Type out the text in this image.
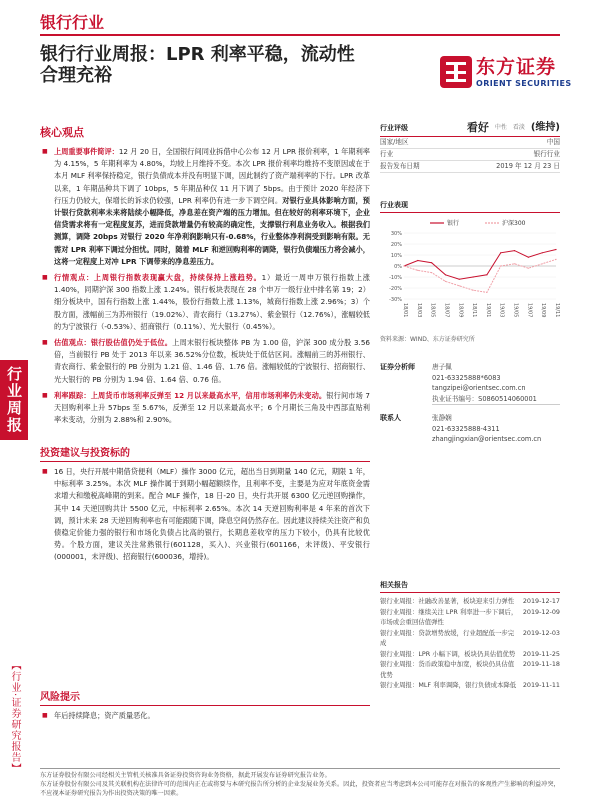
银行行业
银行行业周报：LPR 利率平稳，流动性合理充裕	东方证券
ORIENT SECURITIES
行业周报
【行业·证券研究报告】
核心观点
■ 上周重要事件简评：12 月 20 日，全国银行间同业拆借中心公布 12 月 LPR 报价利率，1 年期利率为 4.15%，5 年期利率为 4.80%，均较上月维持不变。本次 LPR 报价利率均维持不变原因或在于本月 MLF 利率保持稳定，银行负债成本并没有明显下调，因此制约了资产端利率的下行。LPR 改革以来，1 年期品种共下调了 10bps，5 年期品种仅 11 月下调了 5bps。由于预计 2020 年经济下行压力仍较大，保增长的诉求仍较强，LPR 利率仍有进一步下调空间。对银行业具体影响方面，预计银行贷款利率未来将陆续小幅降低，净息差在资产端的压力增加。但在较好的利率环境下，企业信贷需求将有一定程度复苏，进而贷款增量仍有较高的确定性，支撑银行利息业务收入。根据我们测算，调降 20bps 对银行 2020 年净利润影响只有-0.68%，行业整体净利润受到影响有限。无需对 LPR 利率下调过分担忧。同时，随着 MLF 和逆回购利率的调降，银行负债端压力将会减小，这将一定程度上对冲 LPR 下调带来的净息差压力。
■ 行情观点：上周银行指数表现赢大盘，持续保持上涨趋势。1）最近一周申万银行指数上涨 1.40%，同期沪深 300 指数上涨 1.24%。银行板块表现在 28 个申万一级行业中排名第 19；2）细分板块中，国有行指数上涨 1.44%，股份行指数上涨 1.13%，城商行指数上涨 2.96%；3）个股方面，涨幅前三为苏州银行（19.02%）、青农商行（13.27%）、紫金银行（12.76%），涨幅较低的为宁波银行（-0.53%）、招商银行（0.11%）、光大银行（0.45%）。
■ 估值观点：银行股估值仍处于低位。上周末银行板块整体 PB 为 1.00 倍，沪深 300 成分股 3.56 倍，当前银行 PB 处于 2013 年以来 36.52%分位数，板块处于低估区间。涨幅前三的苏州银行、青农商行、紫金银行的 PB 分别为 1.21 倍、1.46 倍、1.76 倍。涨幅较低的宁波银行、招商银行、光大银行的 PB 分别为 1.94 倍、1.64 倍、0.76 倍。
■ 利率跟踪：上周货币市场利率反弹至 12 月以来最高水平，信用市场利率仍未变动。银行间市场 7 天回购利率上升 57bps 至 5.67%，反弹至 12 月以来最高水平；6 个月期长三角及中西部直贴利率未变动，分别为 2.88%和 2.90%。
投资建议与投资标的
■ 16 日，央行开展中期借贷便利（MLF）操作 3000 亿元，超出当日到期量 140 亿元，期限 1 年，中标利率 3.25%。本次 MLF 操作属于到期小幅超额续作，且利率不变，主要是为应对年底资金需求增大和缴税高峰期的到来。配合 MLF 操作，18 日-20 日，央行共开展 6300 亿元逆回购操作，其中 14 天逆回购共计 5500 亿元，中标利率 2.65%。本次 14 天逆回购利率是 4 年来的首次下调，预计未来 28 天逆回购利率也有可能跟随下调，降息空间仍然存在。因此建议持续关注资产和负债稳定价能力强的银行和市场化负债占比高的银行，长期息差收窄的压力下较小，仍具有比较优势。个股方面，建议关注常熟银行(601128，买入)、兴业银行(601166，未评级)、平安银行(000001，未评级)、招商银行(600036，增持)。
风险提示
■ 年后持续降息；资产质量恶化。
行业评级	看好 中性 看淡 (维持)
国家/地区	中国
行业	银行行业
报告发布日期	2019 年 12 月 23 日
行业表现
30%
20%
10%
0%
-10%
-20%
-30%
18/01 18/03 18/05 18/07 18/09 18/11 19/01 19/03 19/05 19/07 19/09 19/11
银行	沪深300
资料来源：WIND、东方证券研究所
证券分析师	唐子佩
021-63325888*6083
tangzipei@orientsec.com.cn
执业证书编号：S0860514060001
联系人	张静娴
021-63325888-4311
zhangjingxian@orientsec.com.cn
相关报告
银行业周报：社融改善显著，板块迎来引力弹性	2019-12-17
银行业周报：继续关注 LPR 利率进一步下调后，市场或会重回估值弹性
2019-12-09
银行业周报：贷款增势放缓，行业超配低一步完成
2019-12-03
银行业周报：LPR 小幅下调，板块仍具估值优势	2019-11-25
银行业周报：货币政策稳中加宽，板块仍具估值优势
2019-11-18
银行业周报：MLF 利率调降，银行负债成本降低	2019-11-11
东方证券股份有限公司经相关主管机关核准具备证券投资咨询业务资格，据此开展发布证券研究报告业务。
东方证券股份有限公司及其关联机构在法律许可的范围内正在或将要与本研究报告所分析的企业发展业务关系。因此，投资者应当考虑到本公司可能存在对报告的客观性产生影响的利益冲突，不应视本证券研究报告为作出投资决策的唯一因素。
